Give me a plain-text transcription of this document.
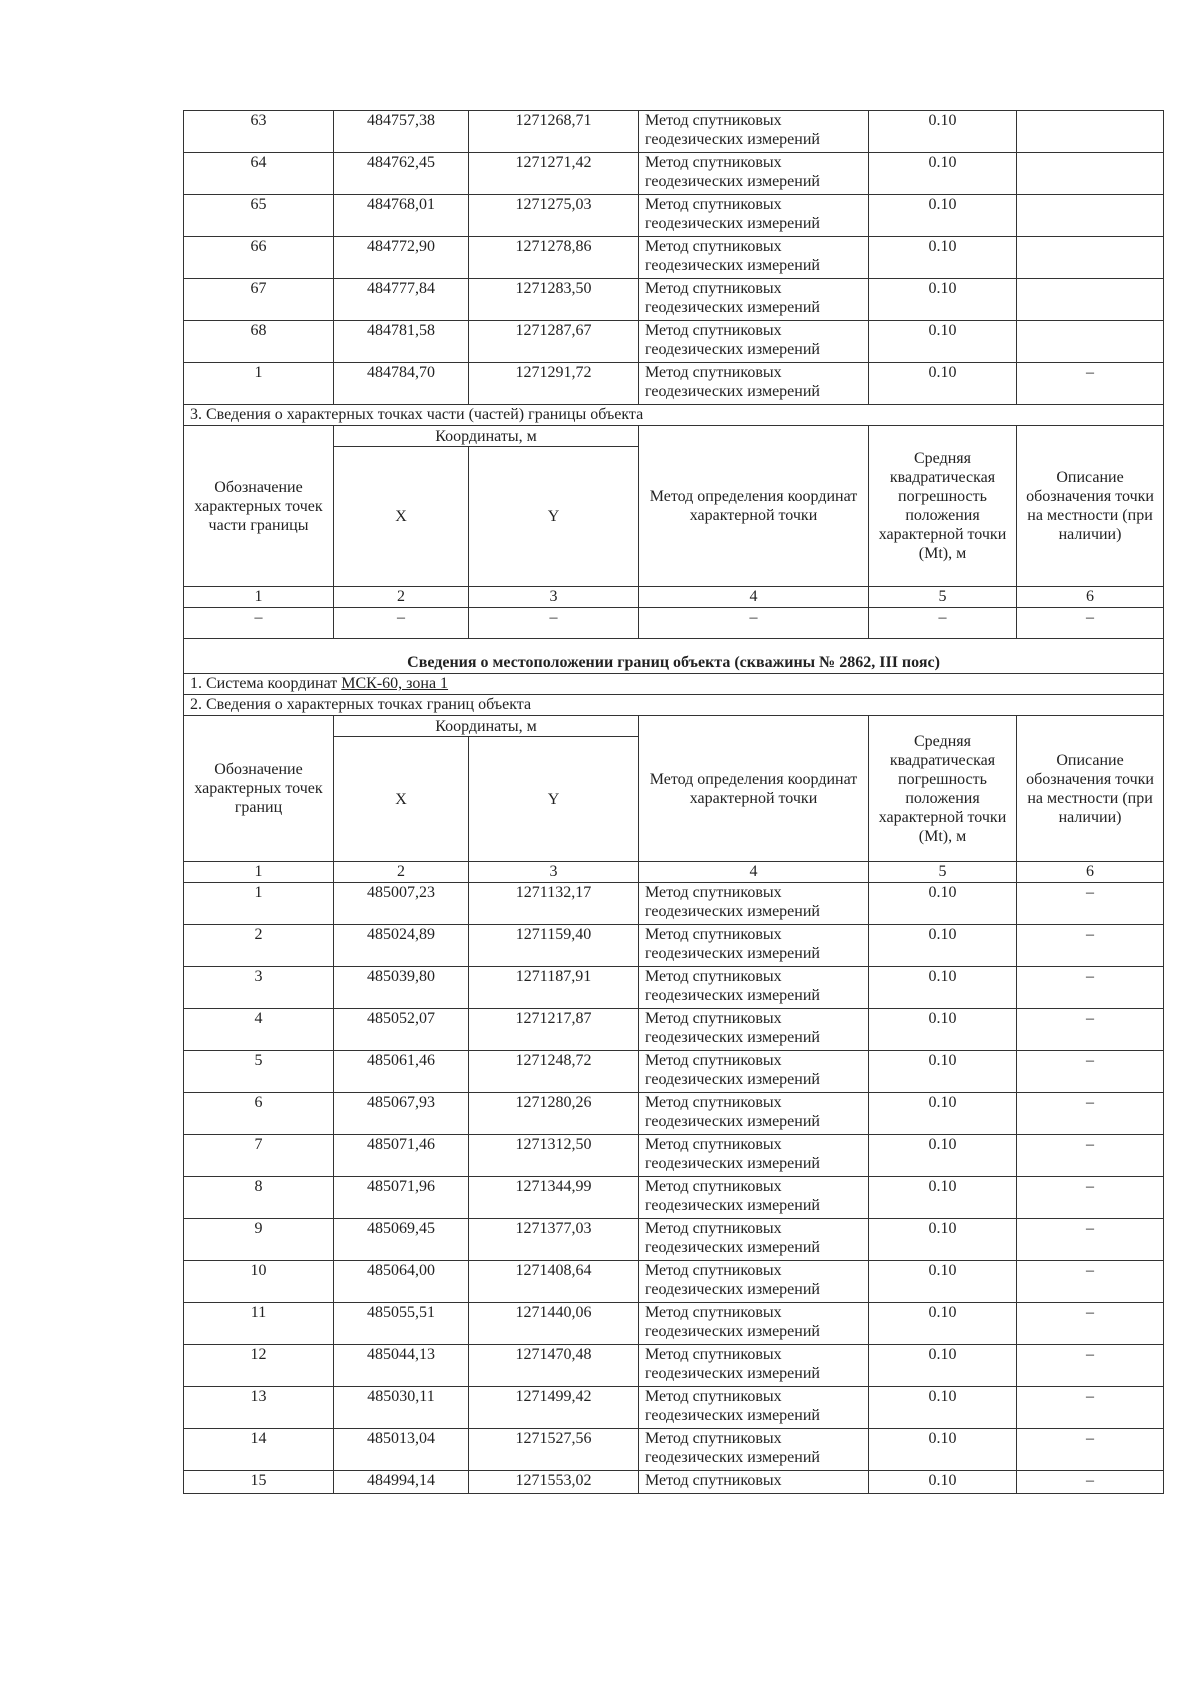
63	484757,38	1271268,71	Метод спутниковых геодезических измерений	0.10	
64	484762,45	1271271,42	Метод спутниковых геодезических измерений	0.10	
65	484768,01	1271275,03	Метод спутниковых геодезических измерений	0.10	
66	484772,90	1271278,86	Метод спутниковых геодезических измерений	0.10	
67	484777,84	1271283,50	Метод спутниковых геодезических измерений	0.10	
68	484781,58	1271287,67	Метод спутниковых геодезических измерений	0.10	
1	484784,70	1271291,72	Метод спутниковых геодезических измерений	0.10	–
3. Сведения о характерных точках части (частей) границы объекта					
Обозначение характерных точек части границы	Координаты, м		Метод определения координат характерной точки	Средняя квадратическая погрешность положения характерной точки (Mt), м	Описание обозначения точки на местности (при наличии)
	X	Y			
1	2	3	4	5	6
–	–	–	–	–	–
Сведения о местоположении границ объекта (скважины № 2862, III пояс)					
1. Система координат МСК-60, зона 1					
2. Сведения о характерных точках границ объекта					
Обозначение характерных точек границ	Координаты, м		Метод определения координат характерной точки	Средняя квадратическая погрешность положения характерной точки (Mt), м	Описание обозначения точки на местности (при наличии)
	X	Y			
1	2	3	4	5	6
1	485007,23	1271132,17	Метод спутниковых геодезических измерений	0.10	–
2	485024,89	1271159,40	Метод спутниковых геодезических измерений	0.10	–
3	485039,80	1271187,91	Метод спутниковых геодезических измерений	0.10	–
4	485052,07	1271217,87	Метод спутниковых геодезических измерений	0.10	–
5	485061,46	1271248,72	Метод спутниковых геодезических измерений	0.10	–
6	485067,93	1271280,26	Метод спутниковых геодезических измерений	0.10	–
7	485071,46	1271312,50	Метод спутниковых геодезических измерений	0.10	–
8	485071,96	1271344,99	Метод спутниковых геодезических измерений	0.10	–
9	485069,45	1271377,03	Метод спутниковых геодезических измерений	0.10	–
10	485064,00	1271408,64	Метод спутниковых геодезических измерений	0.10	–
11	485055,51	1271440,06	Метод спутниковых геодезических измерений	0.10	–
12	485044,13	1271470,48	Метод спутниковых геодезических измерений	0.10	–
13	485030,11	1271499,42	Метод спутниковых геодезических измерений	0.10	–
14	485013,04	1271527,56	Метод спутниковых геодезических измерений	0.10	–
15	484994,14	1271553,02	Метод спутниковых	0.10	–
